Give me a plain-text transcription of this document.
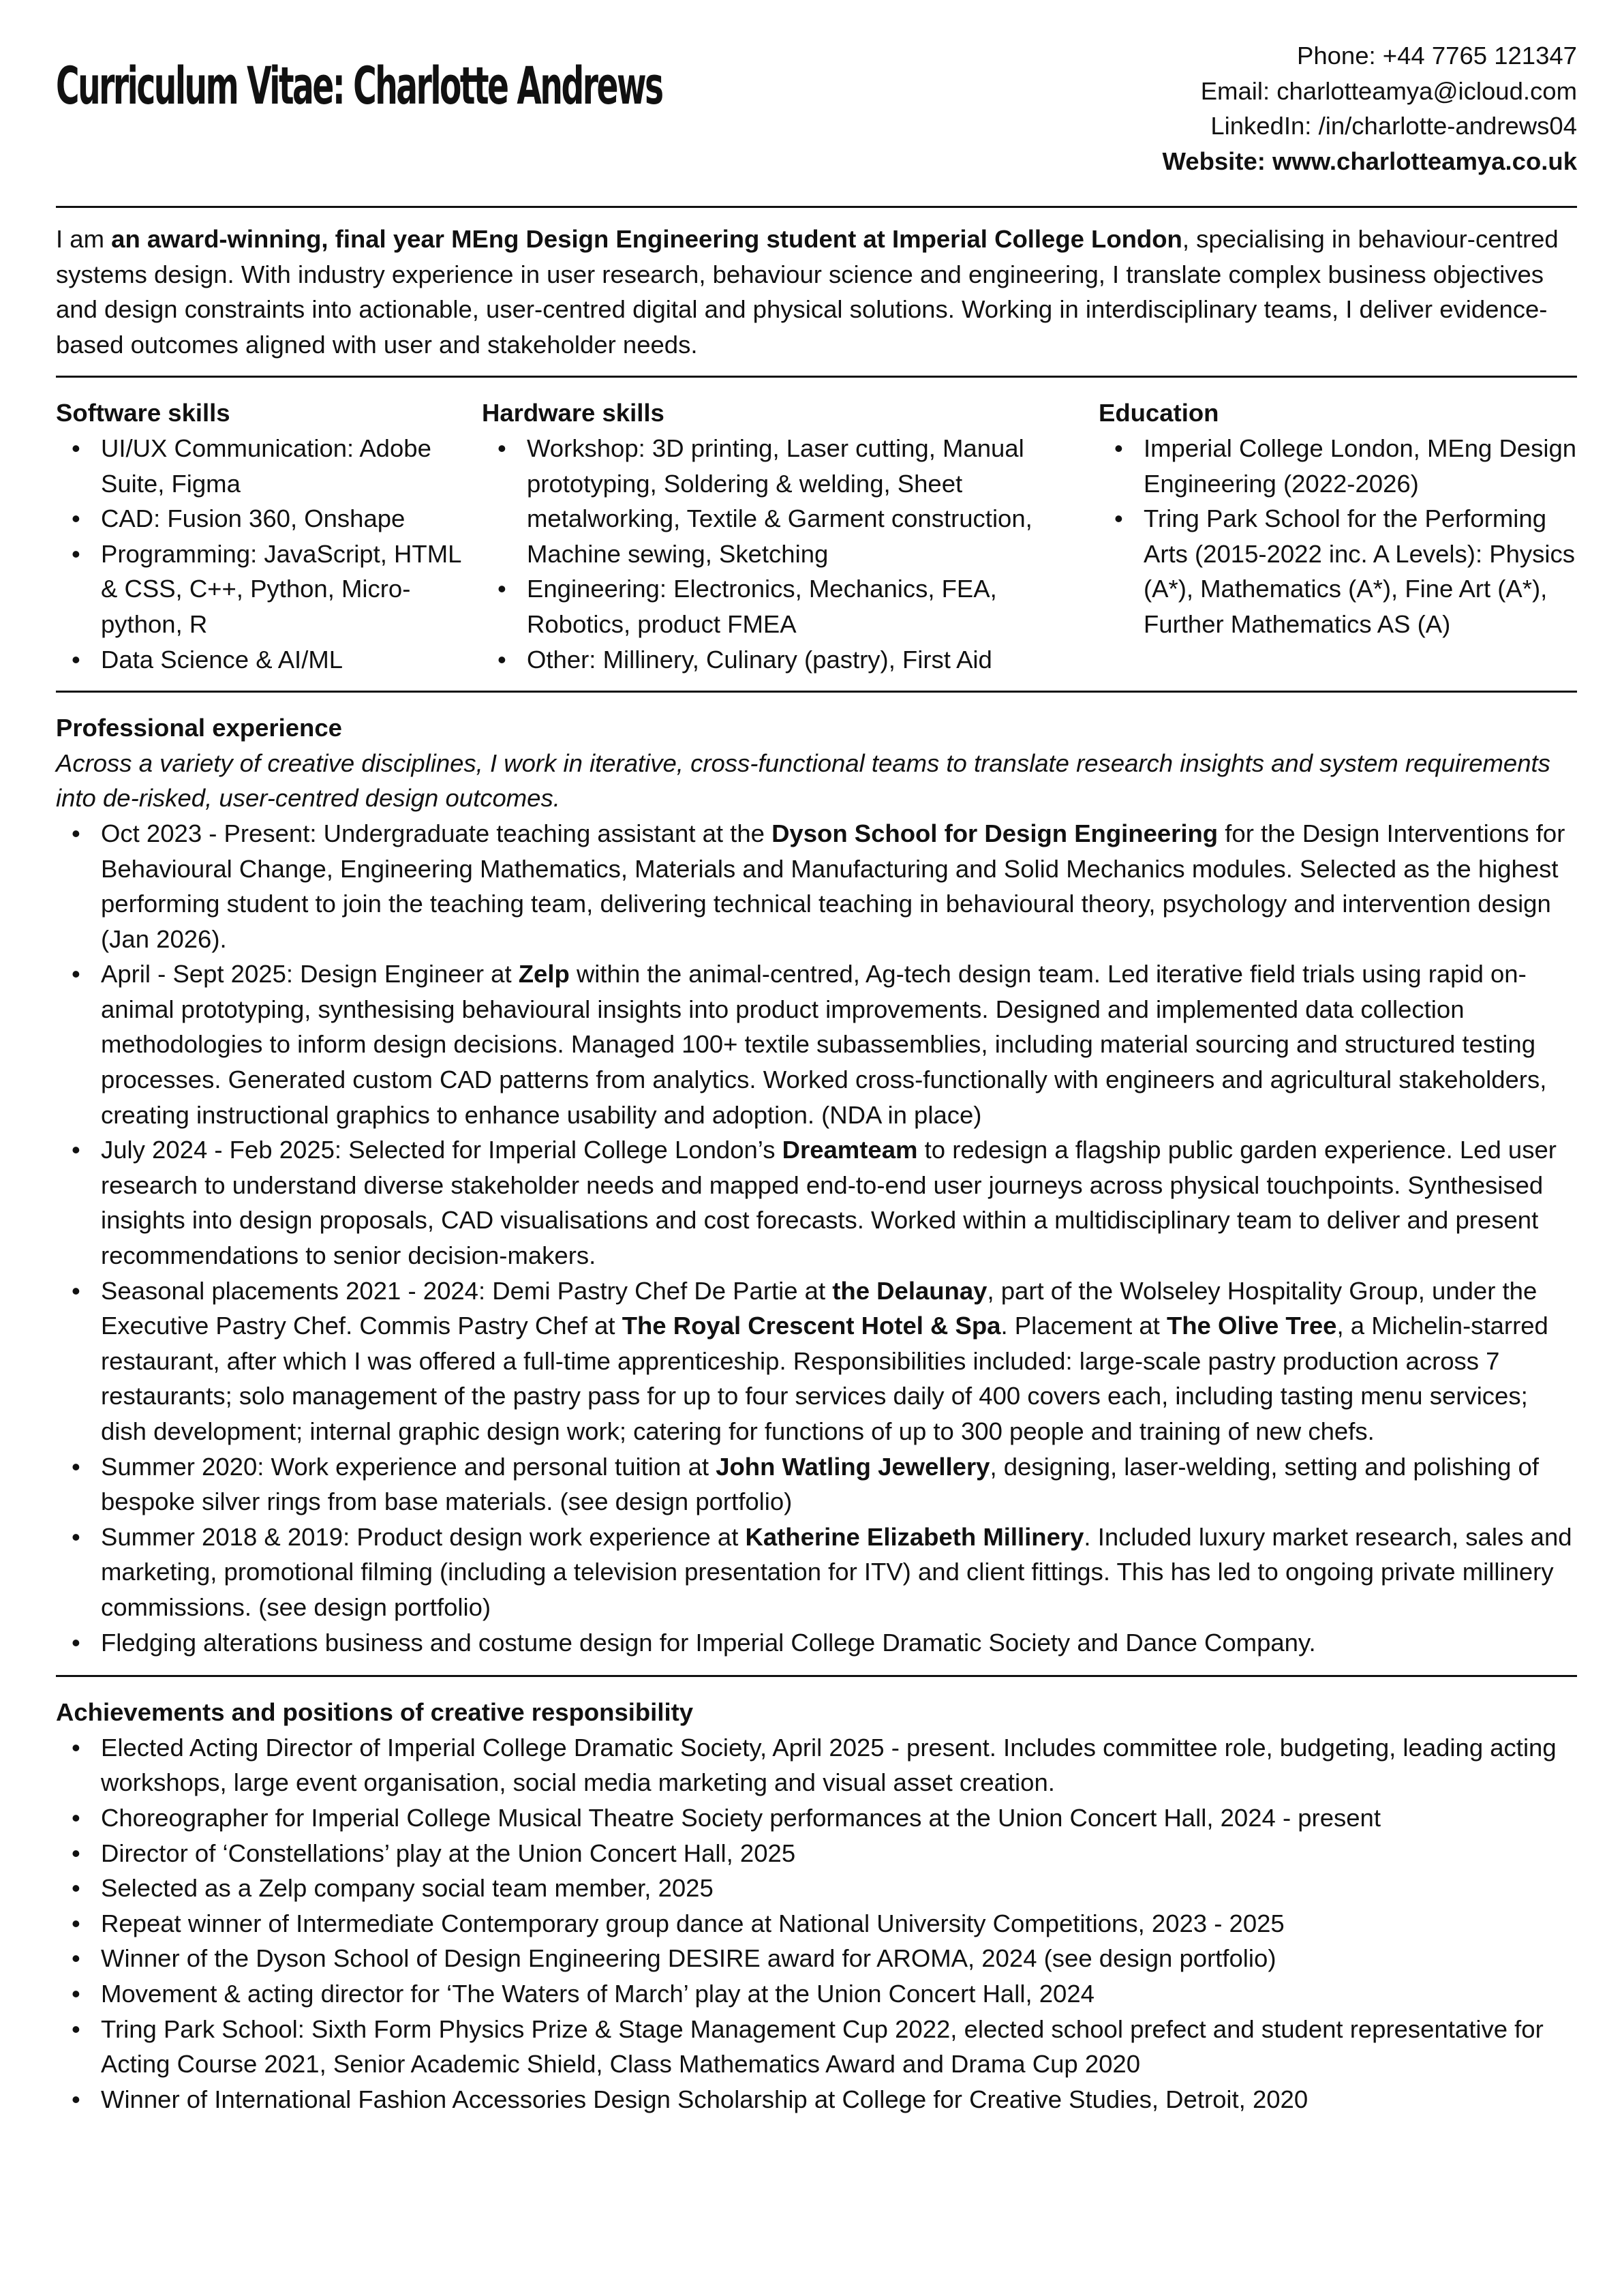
Curriculum Vitae: Charlotte Andrews	Phone: +44 7765 121347
Email: charlotteamya@icloud.com
LinkedIn: /in/charlotte-andrews04
Website: www.charlotteamya.co.uk
I am an award-winning, final year MEng Design Engineering student at Imperial College London, specialising in behaviour-centred systems design. With industry experience in user research, behaviour science and engineering, I translate complex business objectives and design constraints into actionable, user-centred digital and physical solutions. Working in interdisciplinary teams, I deliver evidence-based outcomes aligned with user and stakeholder needs.
Software skills
• UI/UX Communication: Adobe Suite, Figma
• CAD: Fusion 360, Onshape
• Programming: JavaScript, HTML & CSS, C++, Python, Micro-python, R
• Data Science & AI/ML
Hardware skills
• Workshop: 3D printing, Laser cutting, Manual prototyping, Soldering & welding, Sheet metalworking, Textile & Garment construction, Machine sewing, Sketching
• Engineering: Electronics, Mechanics, FEA, Robotics, product FMEA
• Other: Millinery, Culinary (pastry), First Aid
Education
• Imperial College London, MEng Design Engineering (2022-2026)
• Tring Park School for the Performing Arts (2015-2022 inc. A Levels): Physics (A*), Mathematics (A*), Fine Art (A*), Further Mathematics AS (A)
Professional experience
Across a variety of creative disciplines, I work in iterative, cross-functional teams to translate research insights and system requirements into de-risked, user-centred design outcomes.
• Oct 2023 - Present: Undergraduate teaching assistant at the Dyson School for Design Engineering for the Design Interventions for Behavioural Change, Engineering Mathematics, Materials and Manufacturing and Solid Mechanics modules. Selected as the highest performing student to join the teaching team, delivering technical teaching in behavioural theory, psychology and intervention design (Jan 2026).
• April - Sept 2025: Design Engineer at Zelp within the animal-centred, Ag-tech design team. Led iterative field trials using rapid on-animal prototyping, synthesising behavioural insights into product improvements. Designed and implemented data collection methodologies to inform design decisions. Managed 100+ textile subassemblies, including material sourcing and structured testing processes. Generated custom CAD patterns from analytics. Worked cross-functionally with engineers and agricultural stakeholders, creating instructional graphics to enhance usability and adoption. (NDA in place)
• July 2024 - Feb 2025: Selected for Imperial College London’s Dreamteam to redesign a flagship public garden experience. Led user research to understand diverse stakeholder needs and mapped end-to-end user journeys across physical touchpoints. Synthesised insights into design proposals, CAD visualisations and cost forecasts. Worked within a multidisciplinary team to deliver and present recommendations to senior decision-makers.
• Seasonal placements 2021 - 2024: Demi Pastry Chef De Partie at the Delaunay, part of the Wolseley Hospitality Group, under the Executive Pastry Chef. Commis Pastry Chef at The Royal Crescent Hotel & Spa. Placement at The Olive Tree, a Michelin-starred restaurant, after which I was offered a full-time apprenticeship. Responsibilities included: large-scale pastry production across 7 restaurants; solo management of the pastry pass for up to four services daily of 400 covers each, including tasting menu services; dish development; internal graphic design work; catering for functions of up to 300 people and training of new chefs.
• Summer 2020: Work experience and personal tuition at John Watling Jewellery, designing, laser-welding, setting and polishing of bespoke silver rings from base materials. (see design portfolio)
• Summer 2018 & 2019: Product design work experience at Katherine Elizabeth Millinery. Included luxury market research, sales and marketing, promotional filming (including a television presentation for ITV) and client fittings. This has led to ongoing private millinery commissions. (see design portfolio)
• Fledging alterations business and costume design for Imperial College Dramatic Society and Dance Company.
Achievements and positions of creative responsibility
• Elected Acting Director of Imperial College Dramatic Society, April 2025 - present. Includes committee role, budgeting, leading acting workshops, large event organisation, social media marketing and visual asset creation.
• Choreographer for Imperial College Musical Theatre Society performances at the Union Concert Hall, 2024 - present
• Director of ‘Constellations’ play at the Union Concert Hall, 2025
• Selected as a Zelp company social team member, 2025
• Repeat winner of Intermediate Contemporary group dance at National University Competitions, 2023 - 2025
• Winner of the Dyson School of Design Engineering DESIRE award for AROMA, 2024 (see design portfolio)
• Movement & acting director for ‘The Waters of March’ play at the Union Concert Hall, 2024
• Tring Park School: Sixth Form Physics Prize & Stage Management Cup 2022, elected school prefect and student representative for Acting Course 2021, Senior Academic Shield, Class Mathematics Award and Drama Cup 2020
• Winner of International Fashion Accessories Design Scholarship at College for Creative Studies, Detroit, 2020
